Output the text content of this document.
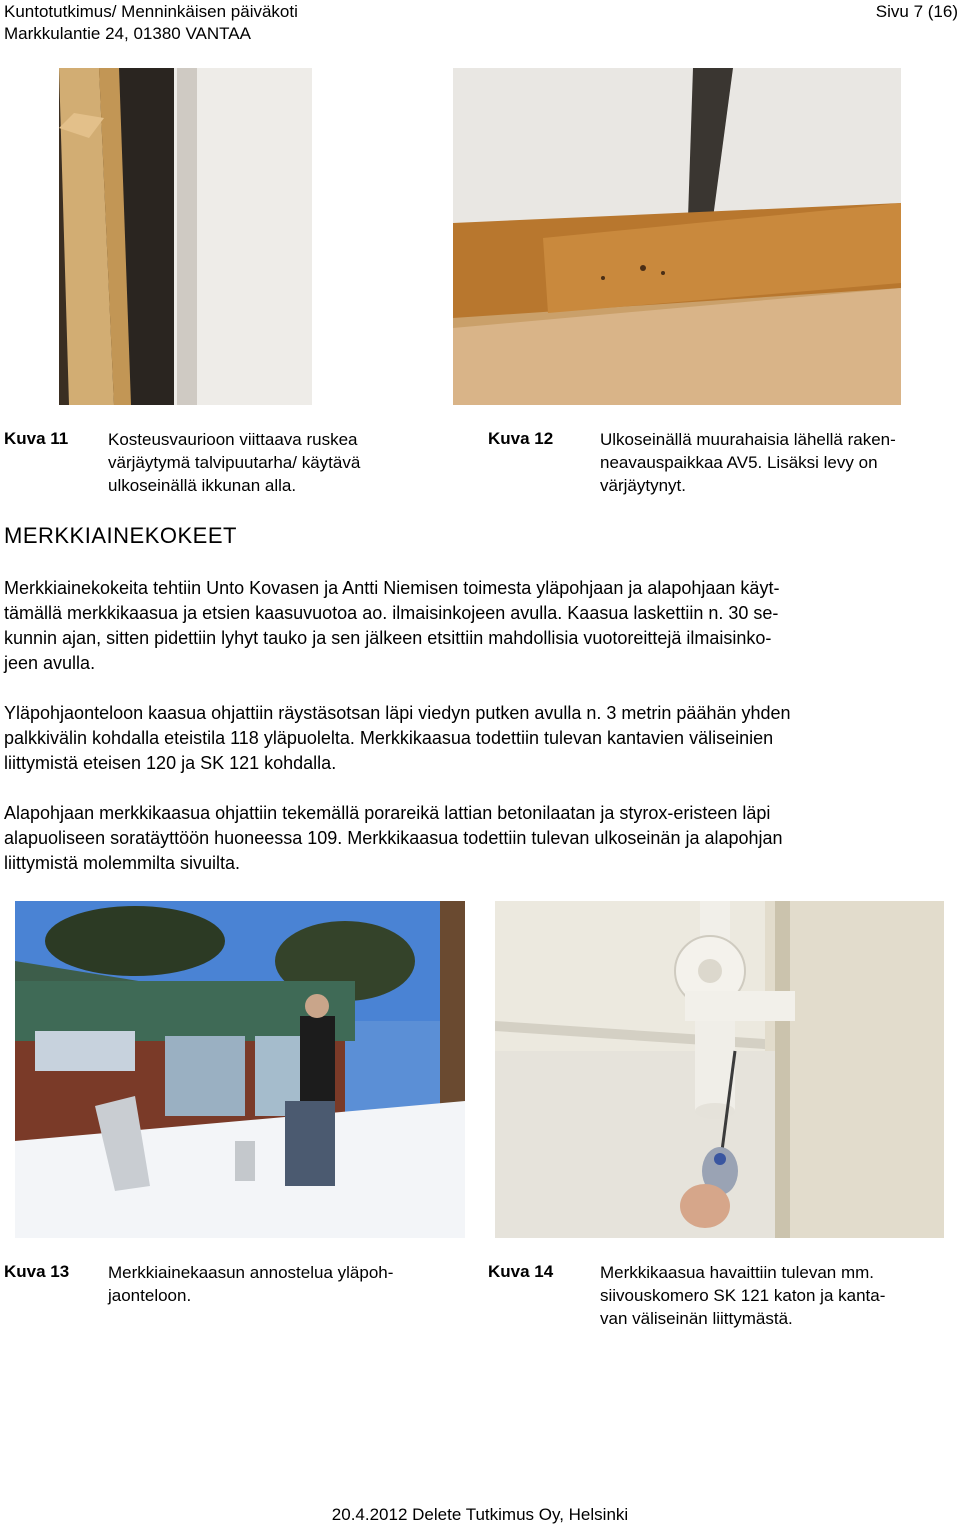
Kuntotutkimus/ Menninkäisen päiväkoti
Markkulantie 24, 01380 VANTAA
Sivu 7 (16)
Kuva 11 Kosteusvaurioon viittaava ruskea
värjäytymä talvipuutarha/ käytävä
ulkoseinällä ikkunan alla.
Kuva 12	Ulkoseinällä muurahaisia lähellä raken-
neavauspaikkaa AV5. Lisäksi levy on
värjäytynyt.
MERKKIAINEKOKEET
Merkkiainekokeita tehtiin Unto Kovasen ja Antti Niemisen toimesta yläpohjaan ja alapohjaan käyt-
tämällä merkkikaasua ja etsien kaasuvuotoa ao. ilmaisinkojeen avulla. Kaasua laskettiin n. 30 se-
kunnin ajan, sitten pidettiin lyhyt tauko ja sen jälkeen etsittiin mahdollisia vuotoreittejä ilmaisinko-
jeen avulla.
Yläpohjaonteloon kaasua ohjattiin räystäsotsan läpi viedyn putken avulla n. 3 metrin päähän yhden
palkkivälin kohdalla eteistila 118 yläpuolelta. Merkkikaasua todettiin tulevan kantavien väliseinien
liittymistä eteisen 120 ja SK 121 kohdalla.
Alapohjaan merkkikaasua ohjattiin tekemällä porareikä lattian betonilaatan ja styrox-eristeen läpi
alapuoliseen soratäyttöön huoneessa 109. Merkkikaasua todettiin tulevan ulkoseinän ja alapohjan
liittymistä molemmilta sivuilta.
Kuva 13 Merkkiainekaasun annostelua yläpoh-
jaonteloon.
Kuva 14	Merkkikaasua havaittiin tulevan mm.
siivouskomero SK 121 katon ja kanta-
van väliseinän liittymästä.
20.4.2012 Delete Tutkimus Oy, Helsinki
